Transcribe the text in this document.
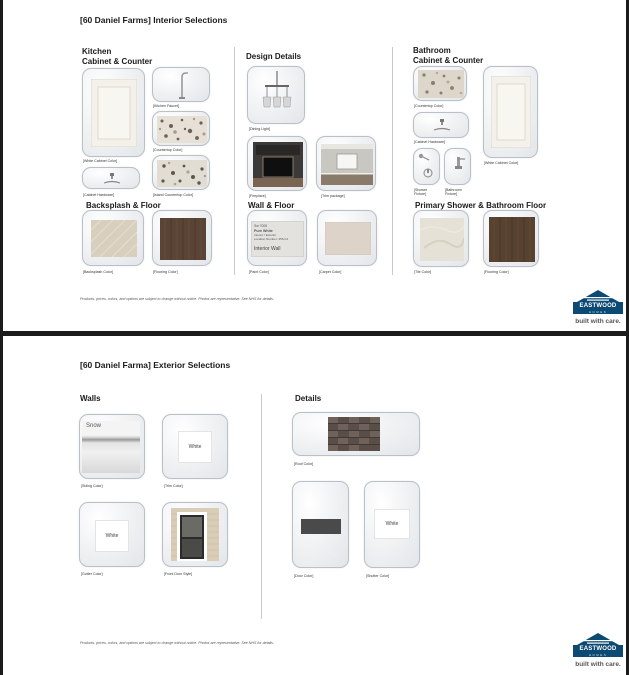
[60 Daniel Farms] Interior Selections
Kitchen
Cabinet & Counter
[White Cabinet Color]
[Kitchen Faucet]
[Countertop Color]
[Cabinet Hardware]	[Island Countertop Color]
Backsplash & Floor
[Backsplash Color]	[Flooring Color]
Design Details
[Dining Light]
[Fireplace]	[Trim package]
Wall & Floor
Sw 7005
Pure White
Interior / Exterior
Location Number: 255-C1
Interior Wall
[Paint Color]	[Carpet Color]
Bathroom
Cabinet & Counter
[Countertop Color]
[White Cabinet Color]
[Cabinet Hardware]
[Shower Fixture]
[Bathroom Fixture]
Primary Shower & Bathroom Floor
[Tile Color]	[Flooring Color]
Products, prices, colors, and options are subject to change without notice. Photos are representative. See NHS for details.
EASTWOOD
HOMES
built with care.
[60 Daniel Farma] Exterior Selections
Walls	Details
Snow
[Siding Color]
White
[Trim Color]
White
[Gutter Color]	[Front Door Style]
[Roof Color]
[Door Color]
White
[Shutter Color]
Products, prices, colors, and options are subject to change without notice. Photos are representative. See NHS for details.
EASTWOOD
HOMES
built with care.
